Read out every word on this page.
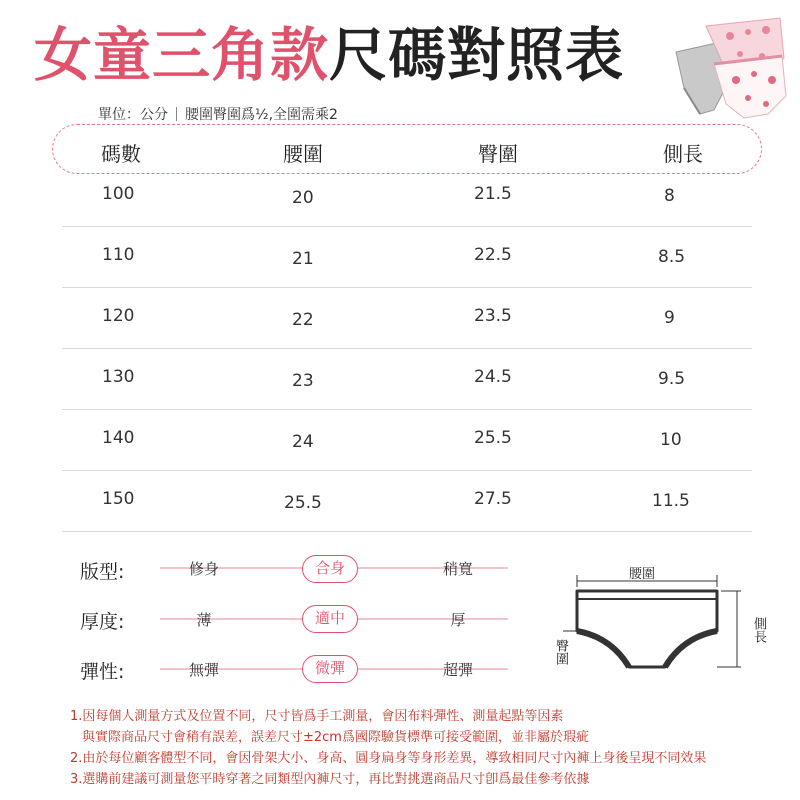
女童三角款 尺碼對照表
單位：公分 腰圍臀圍爲½,全圍需乘2
碼數	腰圍	臀圍	側長
100	20	21.5	8
110	21	22.5	8.5
120	22	23.5	9
130	23	24.5	9.5
140	24	25.5	10
150	25.5	27.5	11.5
版型:	修身	合身	稍寬
厚度:	薄	適中	厚
彈性:	無彈	微彈	超彈
腰圍
側長
臀圍

1.因每個人測量方式及位置不同，尺寸皆爲手工測量，會因布料彈性、測量起點等因素

與實際商品尺寸會稍有誤差，誤差尺寸±2cm爲國際驗貨標準可接受範圍，並非屬於瑕疵

2.由於每位顧客體型不同，會因骨架大小、身高、圓身扁身等身形差異，導致相同尺寸內褲上身後呈現不同效果

3.選購前建議可測量您平時穿著之同類型內褲尺寸，再比對挑選商品尺寸卽爲最佳參考依據
